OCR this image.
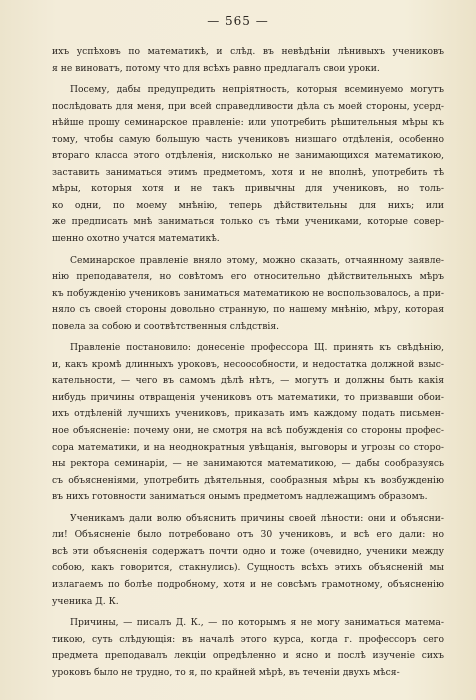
— 565 —
ихъ успѣховъ по математикѣ, и слѣд. въ невѣдѣніи лѣнивыхъ учениковъ
я не виноватъ, потому что для всѣхъ равно предлагалъ свои уроки.
Посему, дабы предупредить непріятность, которыя всеминуемо могутъ
послѣдовать для меня, при всей справедливости дѣла съ моей стороны, усерд-
нѣйше прошу семинарское правленіе: или употребить рѣшительныя мѣры къ
тому, чтобы самую большую часть учениковъ низшаго отдѣленія, особенно
втораго класса этого отдѣленія, нисколько не занимающихся математикою,
заставить заниматься этимъ предметомъ, хотя и не вполнѣ, употребить тѣ
мѣры, которыя хотя и не такъ привычны для учениковъ, но толь-
ко одни, по моему мнѣнію, теперь дѣйствительны для нихъ; или
же предписать мнѣ заниматься только съ тѣми учениками, которые совер-
шенно охотно учатся математикѣ.
Семинарское правленіе вняло этому, можно сказать, отчаянному заявле-
нію преподавателя, но совѣтомъ его относительно дѣйствительныхъ мѣръ
къ побужденію учениковъ заниматься математикою не воспользовалось, а при-
няло съ своей стороны довольно странную, по нашему мнѣнію, мѣру, которая
повела за собою и соотвѣтственныя слѣдствія.
Правленіе постановило: донесеніе профессора Щ. принять къ свѣдѣнію,
и, какъ кромѣ длинныхъ уроковъ, несоособности, и недостатка должной взыс-
кательности, — чего въ самомъ дѣлѣ нѣтъ, — могутъ и должны быть какія
нибудь причины отвращенія учениковъ отъ математики, то призвавши обои-
ихъ отдѣленій лучшихъ учениковъ, приказать имъ каждому подать письмен-
ное объясненіе: почему они, не смотря на всѣ побужденія со стороны профес-
сора математики, и на неоднократныя увѣщанія, выговоры и угрозы со сторо-
ны ректора семинаріи, — не занимаются математикою, — дабы сообразуясь
съ объясненіями, употребить дѣятельныя, сообразныя мѣры къ возбужденію
въ нихъ готовности заниматься онымъ предметомъ надлежащимъ образомъ.
Ученикамъ дали волю объяснить причины своей лѣности: они и объясни-
ли! Объясненіе было потребовано отъ 30 учениковъ, и всѣ его дали: но
всѣ эти объясненія содержатъ почти одно и тоже (очевидно, ученики между
собою, какъ говорится, стакнулись). Сущность всѣхъ этихъ объясненій мы
излагаемъ по болѣе подробному, хотя и не совсѣмъ грамотному, объясненію
ученика Д. К.
Причины, — писалъ Д. К., — по которымъ я не могу заниматься матема-
тикою, суть слѣдующія: въ началѣ этого курса, когда г. профессоръ сего
предмета преподавалъ лекціи опредѣленно и ясно и послѣ изученіе сихъ
уроковъ было не трудно, то я, по крайней мѣрѣ, въ теченіи двухъ мѣся-
